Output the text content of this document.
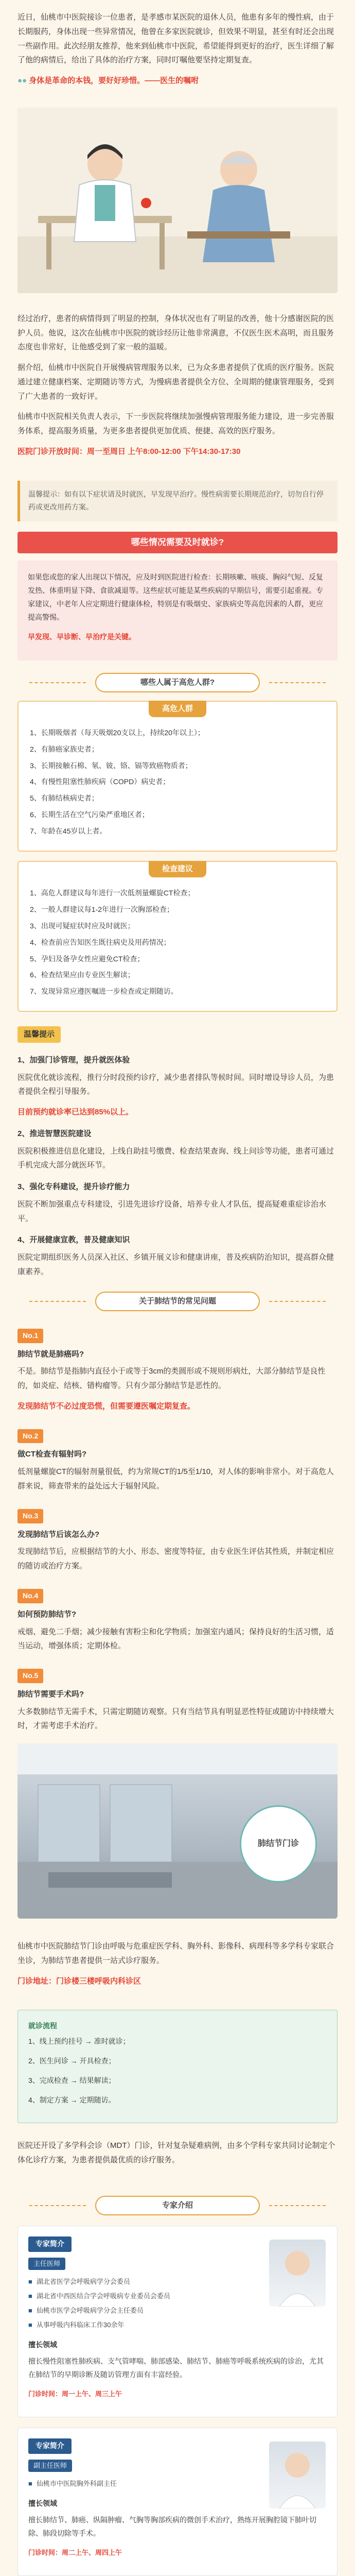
近日，仙桃市中医院接诊一位患者，是孝感市某医院的退休人员，他患有多年的慢性病，由于长期服药，身体出现一些异常情况，他曾在多家医院就诊，但效果不明显，甚至有时还会出现一些副作用。此次经朋友推荐，他来到仙桃市中医院，希望能得到更好的治疗，医生详细了解了他的病情后，给出了具体的治疗方案，同时叮嘱他要坚持定期复查。

●● 身体是革命的本钱，要好好珍惜。——医生的嘱咐

经过治疗，患者的病情得到了明显的控制，身体状况也有了明显的改善，他十分感谢医院的医护人员。他说，这次在仙桃市中医院的就诊经历让他非常满意，不仅医生医术高明，而且服务态度也非常好，让他感受到了家一般的温暖。

据介绍，仙桃市中医院自开展慢病管理服务以来，已为众多患者提供了优质的医疗服务。医院通过建立健康档案、定期随访等方式，为慢病患者提供全方位、全周期的健康管理服务，受到了广大患者的一致好评。

仙桃市中医院相关负责人表示，下一步医院将继续加强慢病管理服务能力建设，进一步完善服务体系，提高服务质量，为更多患者提供更加优质、便捷、高效的医疗服务。

医院门诊开放时间：周一至周日 上午8:00-12:00 下午14:30-17:30

温馨提示：如有以下症状请及时就医，早发现早治疗。慢性病需要长期规范治疗，切勿自行停药或更改用药方案。
哪些情况需要及时就诊?

如果您或您的家人出现以下情况，应及时到医院进行检查：长期咳嗽、咳痰、胸闷气短、反复发热、体重明显下降、食欲减退等。这些症状可能是某些疾病的早期信号，需要引起重视。专家建议，中老年人应定期进行健康体检，特别是有吸烟史、家族病史等高危因素的人群，更应提高警惕。

早发现、早诊断、早治疗是关键。

哪些人属于高危人群?
高危人群

1、长期吸烟者（每天吸烟20支以上，持续20年以上）；

2、有肺癌家族史者；

3、长期接触石棉、氡、铍、铬、镉等致癌物质者；

4、有慢性阻塞性肺疾病（COPD）病史者；

5、有肺结核病史者；

6、长期生活在空气污染严重地区者；

7、年龄在45岁以上者。

检查建议

1、高危人群建议每年进行一次低剂量螺旋CT检查；

2、一般人群建议每1-2年进行一次胸部检查；

3、出现可疑症状时应及时就医；

4、检查前应告知医生既往病史及用药情况；

5、孕妇及备孕女性应避免CT检查；

6、检查结果应由专业医生解读；

7、发现异常应遵医嘱进一步检查或定期随访。

温馨提示
1、加强门诊管理，提升就医体验

医院优化就诊流程，推行分时段预约诊疗，减少患者排队等候时间。同时增设导诊人员，为患者提供全程引导服务。

目前预约就诊率已达到85%以上。

2、推进智慧医院建设

医院积极推进信息化建设，上线自助挂号缴费、检查结果查询、线上问诊等功能，患者可通过手机完成大部分就医环节。

3、强化专科建设，提升诊疗能力

医院不断加强重点专科建设，引进先进诊疗设备，培养专业人才队伍，提高疑难重症诊治水平。

4、开展健康宣教，普及健康知识

医院定期组织医务人员深入社区、乡镇开展义诊和健康讲座，普及疾病防治知识，提高群众健康素养。

关于肺结节的常见问题
No.1
肺结节就是肺癌吗?

不是。肺结节是指肺内直径小于或等于3cm的类圆形或不规则形病灶，大部分肺结节是良性的，如炎症、结核、错构瘤等。只有少部分肺结节是恶性的。

发现肺结节不必过度恐慌，但需要遵医嘱定期复查。

No.2
做CT检查有辐射吗?

低剂量螺旋CT的辐射剂量很低，约为常规CT的1/5至1/10，对人体的影响非常小。对于高危人群来说，筛查带来的益处远大于辐射风险。

No.3
发现肺结节后该怎么办?

发现肺结节后，应根据结节的大小、形态、密度等特征，由专业医生评估其性质，并制定相应的随访或治疗方案。

No.4
如何预防肺结节?

戒烟、避免二手烟；减少接触有害粉尘和化学物质；加强室内通风；保持良好的生活习惯，适当运动，增强体质；定期体检。

No.5
肺结节需要手术吗?

大多数肺结节无需手术，只需定期随访观察。只有当结节具有明显恶性特征或随访中持续增大时，才需考虑手术治疗。

肺结节门诊

仙桃市中医院肺结节门诊由呼吸与危重症医学科、胸外科、影像科、病理科等多学科专家联合坐诊，为肺结节患者提供一站式诊疗服务。

门诊地址：门诊楼三楼呼吸内科诊区

就诊流程

1、线上预约挂号 → 准时就诊；

2、医生问诊 → 开具检查；

3、完成检查 → 结果解读；

4、制定方案 → 定期随访。

医院还开设了多学科会诊（MDT）门诊，针对复杂疑难病例，由多个学科专家共同讨论制定个体化诊疗方案，为患者提供最优质的诊疗服务。

专家介绍
专家简介
主任医师
■ 湖北省医学会呼吸病学分会委员
■ 湖北省中西医结合学会呼吸病专业委员会委员
■ 仙桃市医学会呼吸病学分会主任委员
■ 从事呼吸内科临床工作30余年
擅长领域

擅长慢性阻塞性肺疾病、支气管哮喘、肺部感染、肺结节、肺癌等呼吸系统疾病的诊治，尤其在肺结节的早期诊断及随访管理方面有丰富经验。

门诊时间：周一上午、周三上午

专家简介
副主任医师
■ 仙桃市中医院胸外科副主任
擅长领域

擅长肺结节、肺癌、纵隔肿瘤、气胸等胸部疾病的微创手术治疗，熟练开展胸腔镜下肺叶切除、肺段切除等手术。

门诊时间：周二上午、周四上午
